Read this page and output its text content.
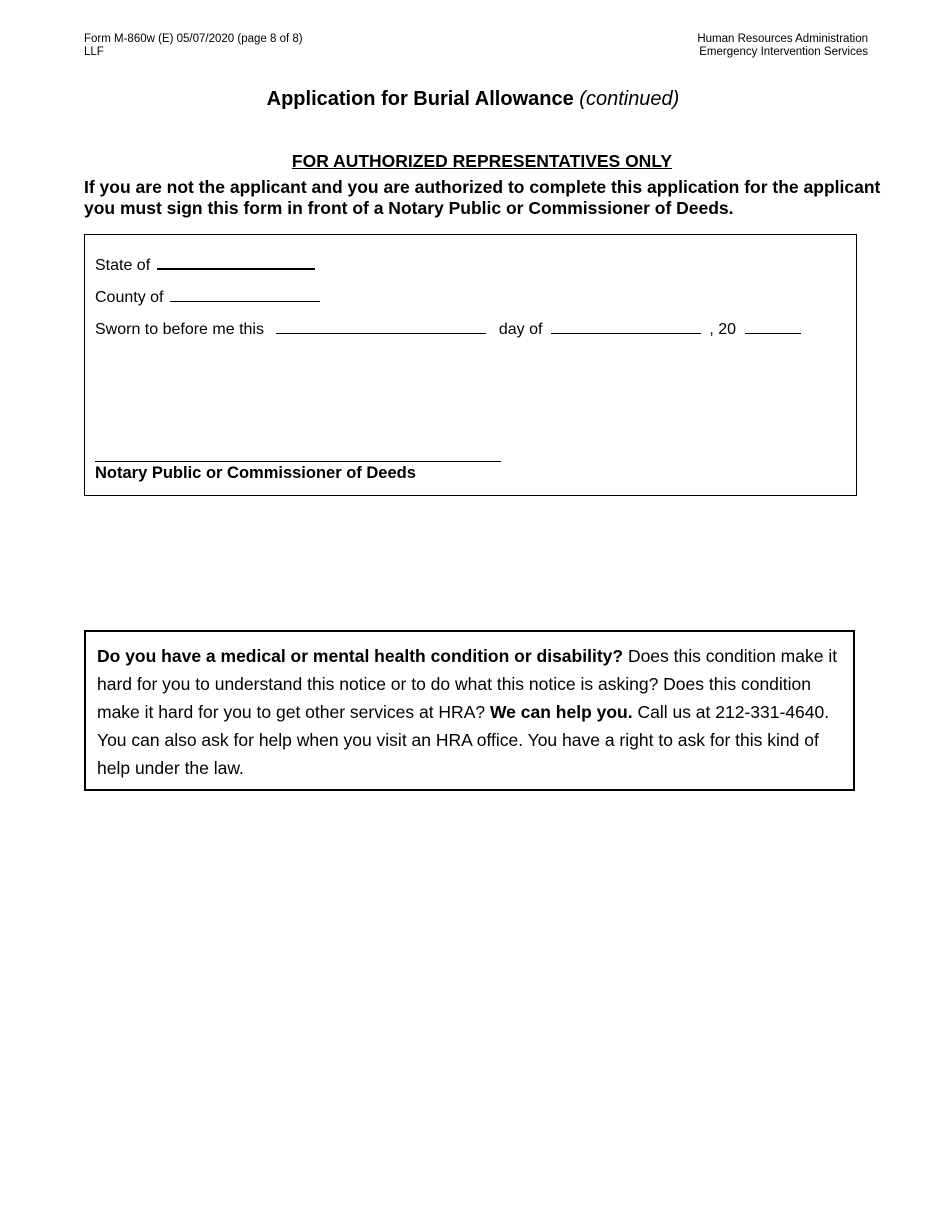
Form M-860w (E) 05/07/2020 (page 8 of 8)
LLF
Human Resources Administration
Emergency Intervention Services
Application for Burial Allowance (continued)
FOR AUTHORIZED REPRESENTATIVES ONLY
If you are not the applicant and you are authorized to complete this application for the applicant you must sign this form in front of a Notary Public or Commissioner of Deeds.
State of
County of
Sworn to before me this	day of	, 20
Notary Public or Commissioner of Deeds
Do you have a medical or mental health condition or disability? Does this condition make it hard for you to understand this notice or to do what this notice is asking? Does this condition make it hard for you to get other services at HRA? We can help you. Call us at 212-331-4640. You can also ask for help when you visit an HRA office. You have a right to ask for this kind of help under the law.
